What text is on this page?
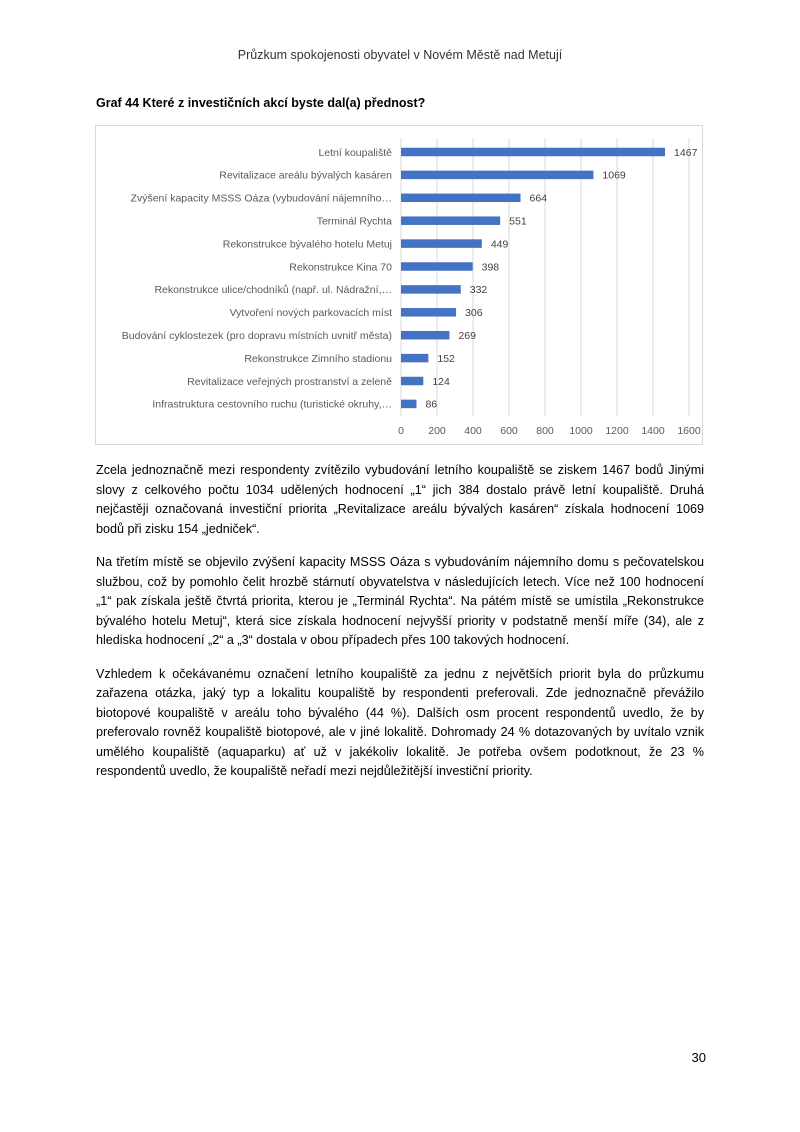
Průzkum spokojenosti obyvatel v Novém Městě nad Metují
Graf 44 Které z investičních akcí byste dal(a) přednost?
0 200 400 600 800 1000 1200 1400 1600
Letní koupaliště	1467
Revitalizace areálu bývalých kasáren	1069
Zvýšení kapacity MSSS Oáza (vybudování nájemního…	664
Terminál Rychta	551
Rekonstrukce bývalého hotelu Metuj	449
Rekonstrukce Kina 70	398
Rekonstrukce ulice/chodníků (např. ul. Nádražní,…	332
Vytvoření nových parkovacích míst	306
Budování cyklostezek (pro dopravu místních uvnitř města)	269
Rekonstrukce Zimního stadionu	152
Revitalizace veřejných prostranství a zeleně	124
Infrastruktura cestovního ruchu (turistické okruhy,…	86

Zcela jednoznačně mezi respondenty zvítězilo vybudování letního koupaliště se ziskem 1467 bodů Jinými slovy z celkového počtu 1034 udělených hodnocení „1“ jich 384 dostalo právě letní koupaliště. Druhá nejčastěji označovaná investiční priorita „Revitalizace areálu bývalých kasáren“ získala hodnocení 1069 bodů při zisku 154 „jedniček“.

Na třetím místě se objevilo zvýšení kapacity MSSS Oáza s vybudováním nájemního domu s pečovatelskou službou, což by pomohlo čelit hrozbě stárnutí obyvatelstva v následujících letech. Více než 100 hodnocení „1“ pak získala ještě čtvrtá priorita, kterou je „Terminál Rychta“. Na pátém místě se umístila „Rekonstrukce bývalého hotelu Metuj“, která sice získala hodnocení nejvyšší priority v podstatně menší míře (34), ale z hlediska hodnocení „2“ a „3“ dostala v obou případech přes 100 takových hodnocení.

Vzhledem k očekávanému označení letního koupaliště za jednu z největších priorit byla do průzkumu zařazena otázka, jaký typ a lokalitu koupaliště by respondenti preferovali. Zde jednoznačně převážilo biotopové koupaliště v areálu toho bývalého (44 %). Dalších osm procent respondentů uvedlo, že by preferovalo rovněž koupaliště biotopové, ale v jiné lokalitě. Dohromady 24 % dotazovaných by uvítalo vznik umělého koupaliště (aquaparku) ať už v jakékoliv lokalitě. Je potřeba ovšem podotknout, že 23 % respondentů uvedlo, že koupaliště neřadí mezi nejdůležitější investiční priority.

30
